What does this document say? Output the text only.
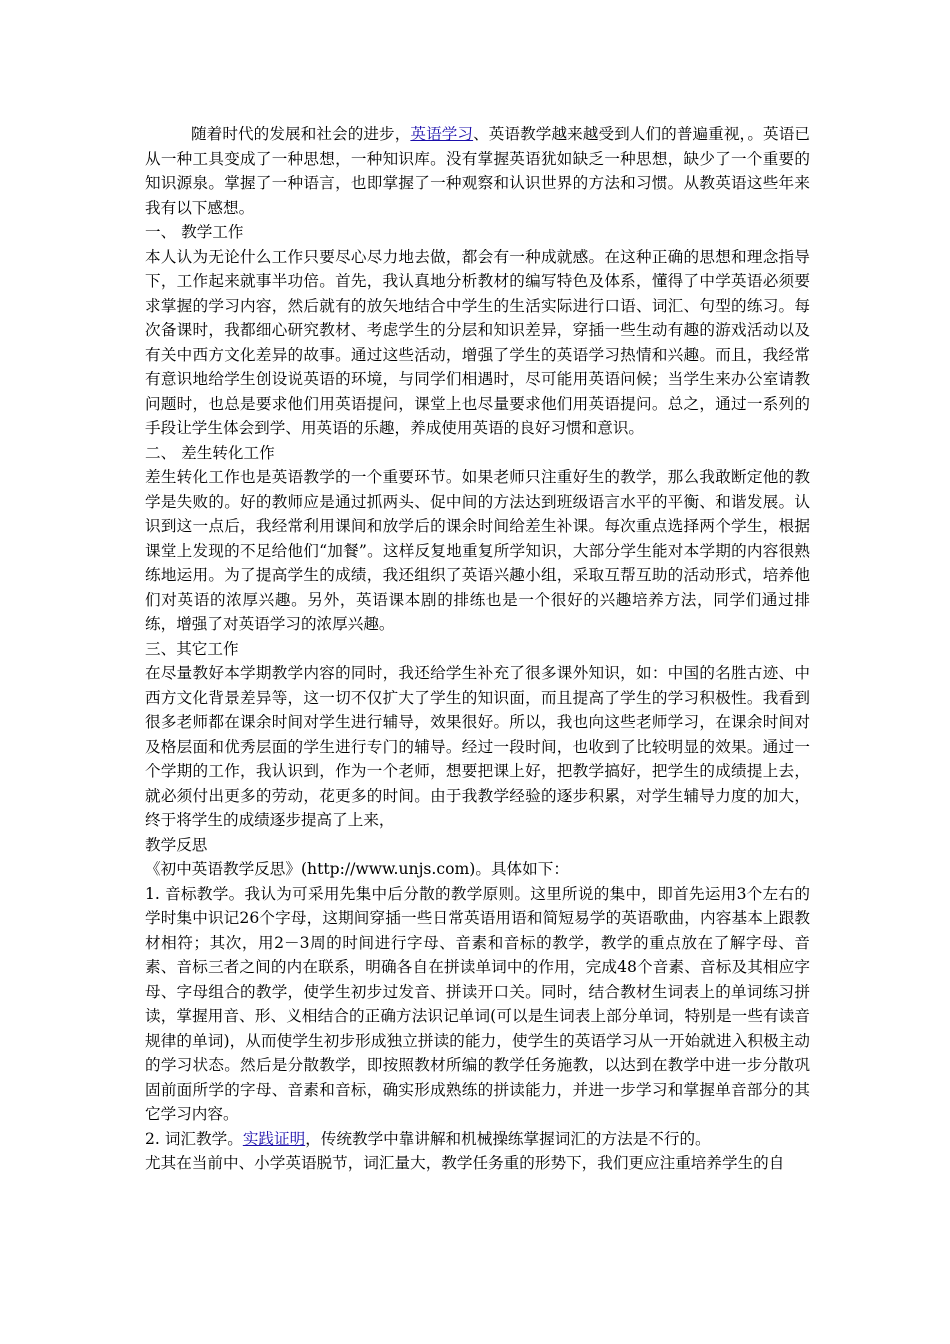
随着时代的发展和社会的进步，英语学习、英语教学越来越受到人们的普遍重视，。英语已从一种工具变成了一种思想，一种知识库。没有掌握英语犹如缺乏一种思想，缺少了一个重要的知识源泉。掌握了一种语言，也即掌握了一种观察和认识世界的方法和习惯。从教英语这些年来我有以下感想。

一、 教学工作

本人认为无论什么工作只要尽心尽力地去做，都会有一种成就感。在这种正确的思想和理念指导下，工作起来就事半功倍。首先，我认真地分析教材的编写特色及体系，懂得了中学英语必须要求掌握的学习内容，然后就有的放矢地结合中学生的生活实际进行口语、词汇、句型的练习。每次备课时，我都细心研究教材、考虑学生的分层和知识差异，穿插一些生动有趣的游戏活动以及有关中西方文化差异的故事。通过这些活动，增强了学生的英语学习热情和兴趣。而且，我经常有意识地给学生创设说英语的环境，与同学们相遇时，尽可能用英语问候；当学生来办公室请教问题时，也总是要求他们用英语提问，课堂上也尽量要求他们用英语提问。总之，通过一系列的手段让学生体会到学、用英语的乐趣，养成使用英语的良好习惯和意识。

二、 差生转化工作

差生转化工作也是英语教学的一个重要环节。如果老师只注重好生的教学，那么我敢断定他的教学是失败的。好的教师应是通过抓两头、促中间的方法达到班级语言水平的平衡、和谐发展。认识到这一点后，我经常利用课间和放学后的课余时间给差生补课。每次重点选择两个学生，根据课堂上发现的不足给他们“加餐”。这样反复地重复所学知识，大部分学生能对本学期的内容很熟练地运用。为了提高学生的成绩，我还组织了英语兴趣小组，采取互帮互助的活动形式，培养他们对英语的浓厚兴趣。另外，英语课本剧的排练也是一个很好的兴趣培养方法，同学们通过排练，增强了对英语学习的浓厚兴趣。

三、其它工作

在尽量教好本学期教学内容的同时，我还给学生补充了很多课外知识，如：中国的名胜古迹、中西方文化背景差异等，这一切不仅扩大了学生的知识面，而且提高了学生的学习积极性。我看到很多老师都在课余时间对学生进行辅导，效果很好。所以，我也向这些老师学习，在课余时间对及格层面和优秀层面的学生进行专门的辅导。经过一段时间，也收到了比较明显的效果。通过一个学期的工作，我认识到，作为一个老师，想要把课上好，把教学搞好，把学生的成绩提上去，就必须付出更多的劳动，花更多的时间。由于我教学经验的逐步积累，对学生辅导力度的加大，终于将学生的成绩逐步提高了上来，

教学反思

《初中英语教学反思》(http://www.unjs.com)。具体如下：

1. 音标教学。我认为可采用先集中后分散的教学原则。这里所说的集中，即首先运用3个左右的学时集中识记26个字母，这期间穿插一些日常英语用语和简短易学的英语歌曲，内容基本上跟教材相符；其次，用2－3周的时间进行字母、音素和音标的教学，教学的重点放在了解字母、音素、音标三者之间的内在联系，明确各自在拼读单词中的作用，完成48个音素、音标及其相应字母、字母组合的教学，使学生初步过发音、拼读开口关。同时，结合教材生词表上的单词练习拼读，掌握用音、形、义相结合的正确方法识记单词(可以是生词表上部分单词，特别是一些有读音规律的单词)，从而使学生初步形成独立拼读的能力，使学生的英语学习从一开始就进入积极主动的学习状态。然后是分散教学，即按照教材所编的教学任务施教，以达到在教学中进一步分散巩固前面所学的字母、音素和音标，确实形成熟练的拼读能力，并进一步学习和掌握单音部分的其它学习内容。

2. 词汇教学。实践证明，传统教学中靠讲解和机械操练掌握词汇的方法是不行的。

尤其在当前中、小学英语脱节，词汇量大，教学任务重的形势下，我们更应注重培养学生的自
